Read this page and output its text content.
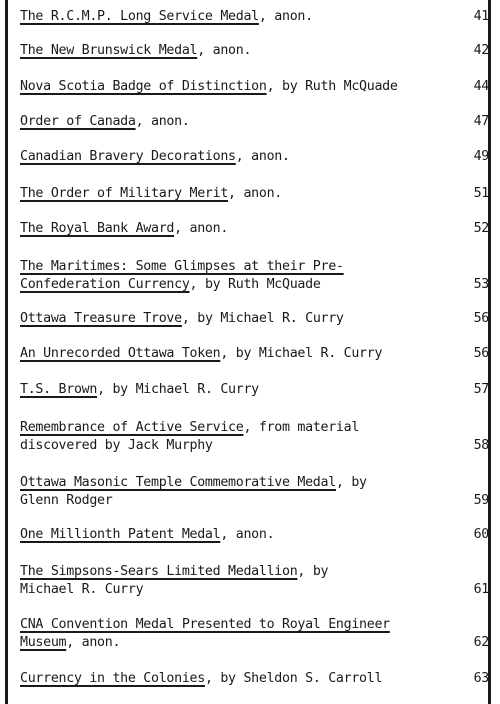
The R.C.M.P. Long Service Medal, anon.	41
The New Brunswick Medal, anon.	42
Nova Scotia Badge of Distinction, by Ruth McQuade	44
Order of Canada, anon.	47
Canadian Bravery Decorations, anon.	49
The Order of Military Merit, anon.	51
The Royal Bank Award, anon.	52
The Maritimes: Some Glimpses at their Pre-
Confederation Currency, by Ruth McQuade	53
Ottawa Treasure Trove, by Michael R. Curry	56
An Unrecorded Ottawa Token, by Michael R. Curry	56
T.S. Brown, by Michael R. Curry	57
Remembrance of Active Service, from material
discovered by Jack Murphy	58
Ottawa Masonic Temple Commemorative Medal, by
Glenn Rodger	59
One Millionth Patent Medal, anon.	60
The Simpsons-Sears Limited Medallion, by
Michael R. Curry	61
CNA Convention Medal Presented to Royal Engineer
Museum, anon.	62
Currency in the Colonies, by Sheldon S. Carroll	63
